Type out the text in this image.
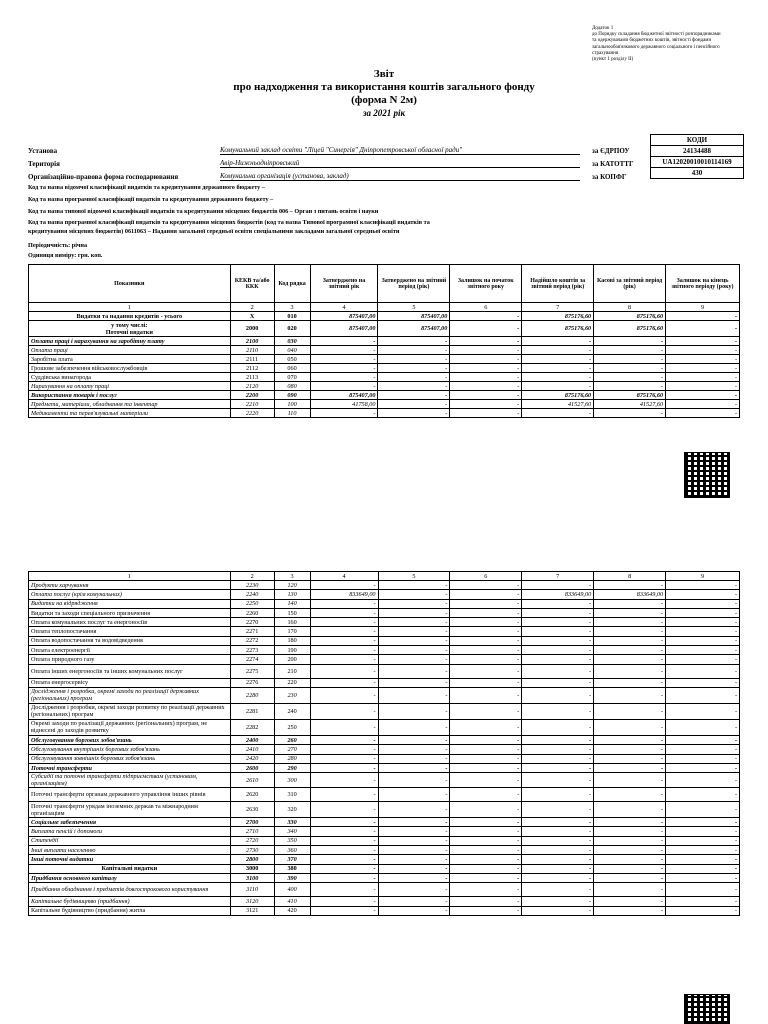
Додаток 1
до Порядку складання бюджетної звітності розпорядниками
та одержувачами бюджетних коштів, звітності фондами
загальнообов'язкового державного соціального і пенсійного
страхування
(пункт 1 розділу II)
Звіт
про надходження та використання коштів загального фонду
(форма N 2м)
за 2021 рік
КОДИ
Установа	Комунальний заклад освіти "Ліцей "Синергія" Дніпропетровської обласної ради"	за ЄДРПОУ	24134488
Територія	Авір-Нижньодніпровський	за КАТОТТГ	UA12020010010114169
Організаційно-правова форма господарювання	Комунальна організація (установа, заклад)	за КОПФГ	430
Код та назва відомчої класифікації видатків та кредитування державного бюджету –
Код та назва програмної класифікації видатків та кредитування державного бюджету –
Код та назва типової відомчої класифікації видатків та кредитування місцевих бюджетів 006 – Орган з питань освіти і науки
Код та назва програмної класифікації видатків та кредитування місцевих бюджетів (код та назва Типової програмної класифікації видатків та
кредитування місцевих бюджетів) 0611063 – Надання загальної середньої освіти спеціальними закладами загальної середньої освіти
Періодичність: річна
Одиниця виміру: грн. коп.
Показники	КЕКВ та/або ККК	Код рядка	Затверджено на звітний рік	Затверджено на звітний період (рік)	Залишок на початок звітного року	Надійшло коштів за звітний період (рік)	Касові за звітний період (рік)	Залишок на кінець звітного періоду (року)
1	2	3	4	5	6	7	8	9
Видатки та надання кредитів - усього	X	010	875407,00	875407,00	-	875176,60	875176,60	-
у тому числі:
Поточні видатки	2000	020	875407,00	875407,00	-	875176,60	875176,60	-
Оплата праці і нарахування на заробітну плату	2100	030	-	-	-	-	-	-
Оплата праці	2110	040	-	-	-	-	-	-
Заробітна плата	2111	050	-	-	-	-	-	-
Грошове забезпечення військовослужбовців	2112	060	-	-	-	-	-	-
Суддівська винагорода	2113	070	-	-	-	-	-	-
Нарахування на оплату праці	2120	080	-	-	-	-	-	-
Використання товарів і послуг	2200	090	875407,00	-	-	875176,60	875176,60	-
Предмети, матеріали, обладнання та інвентар	2210	100	41758,00	-	-	41527,60	41527,60	-
Медикаменти та перев'язувальні матеріали	2220	110	-	-	-	-	-	-
1	2	3	4	5	6	7	8	9
Продукти харчування	2230	120	-	-	-	-	-	-
Оплата послуг (крім комунальних)	2240	130	833649,00	-	-	833649,00	833649,00	-
Видатки на відрядження	2250	140	-	-	-	-	-	-
Видатки та заходи спеціального призначення	2260	150	-	-	-	-	-	-
Оплата комунальних послуг та енергоносіїв	2270	160	-	-	-	-	-	-
Оплата теплопостачання	2271	170	-	-	-	-	-	-
Оплата водопостачання та водовідведення	2272	180	-	-	-	-	-	-
Оплата електроенергії	2273	190	-	-	-	-	-	-
Оплата природного газу	2274	200	-	-	-	-	-	-
Оплата інших енергоносіїв та інших комунальних послуг	2275	210	-	-	-	-	-	-
Оплата енергосервісу	2276	220	-	-	-	-	-	-
Дослідження і розробки, окремі заходи по реалізації державних (регіональних) програм	2280	230	-	-	-	-	-	-
Дослідження і розробки, окремі заходи розвитку по реалізації державних (регіональних) програм	2281	240	-	-	-	-	-	-
Окремі заходи по реалізації державних (регіональних) програм, не віднесені до заходів розвитку	2282	250	-	-	-	-	-	-
Обслуговування боргових зобов'язань	2400	260	-	-	-	-	-	-
Обслуговування внутрішніх боргових зобов'язань	2410	270	-	-	-	-	-	-
Обслуговування зовнішніх боргових зобов'язань	2420	280	-	-	-	-	-	-
Поточні трансферти	2600	290	-	-	-	-	-	-
Субсидії та поточні трансферти підприємствам (установам, організаціям)	2610	300	-	-	-	-	-	-
Поточні трансферти органам державного управління інших рівнів	2620	310	-	-	-	-	-	-
Поточні трансферти урядам іноземних держав та міжнародним організаціям	2630	320	-	-	-	-	-	-
Соціальне забезпечення	2700	330	-	-	-	-	-	-
Виплата пенсій і допомоги	2710	340	-	-	-	-	-	-
Стипендії	2720	350	-	-	-	-	-	-
Інші виплати населенню	2730	360	-	-	-	-	-	-
Інші поточні видатки	2800	370	-	-	-	-	-	-
Капітальні видатки	3000	380	-	-	-	-	-	-
Придбання основного капіталу	3100	390	-	-	-	-	-	-
Придбання обладнання і предметів довгострокового користування	3110	400	-	-	-	-	-	-
Капітальне будівництво (придбання)	3120	410	-	-	-	-	-	-
Капітальне будівництво (придбання) житла	3121	420	-	-	-	-	-	-
